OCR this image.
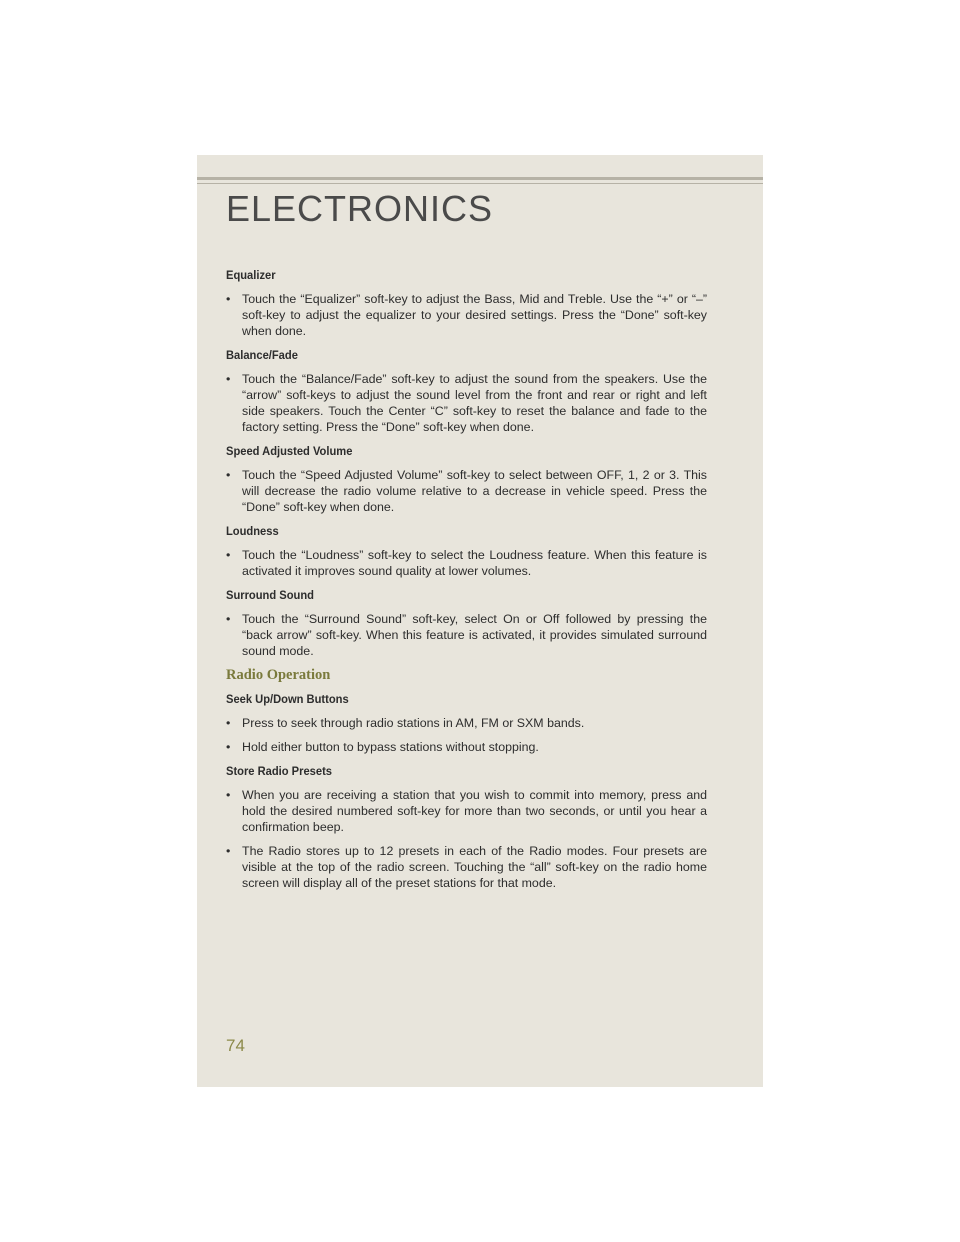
ELECTRONICS

Equalizer

• Touch the “Equalizer” soft-key to adjust the Bass, Mid and Treble. Use the “+” or “–” soft-key to adjust the equalizer to your desired settings. Press the “Done” soft-key when done.

Balance/Fade

• Touch the “Balance/Fade” soft-key to adjust the sound from the speakers. Use the “arrow” soft-keys to adjust the sound level from the front and rear or right and left side speakers. Touch the Center “C” soft-key to reset the balance and fade to the factory setting. Press the “Done” soft-key when done.

Speed Adjusted Volume

• Touch the “Speed Adjusted Volume” soft-key to select between OFF, 1, 2 or 3. This will decrease the radio volume relative to a decrease in vehicle speed. Press the “Done” soft-key when done.

Loudness

• Touch the “Loudness” soft-key to select the Loudness feature. When this feature is activated it improves sound quality at lower volumes.

Surround Sound

• Touch the “Surround Sound” soft-key, select On or Off followed by pressing the “back arrow” soft-key. When this feature is activated, it provides simulated surround sound mode.

Radio Operation

Seek Up/Down Buttons

• Press to seek through radio stations in AM, FM or SXM bands.

• Hold either button to bypass stations without stopping.

Store Radio Presets

• When you are receiving a station that you wish to commit into memory, press and hold the desired numbered soft-key for more than two seconds, or until you hear a confirmation beep.

• The Radio stores up to 12 presets in each of the Radio modes. Four presets are visible at the top of the radio screen. Touching the “all” soft-key on the radio home screen will display all of the preset stations for that mode.

74
